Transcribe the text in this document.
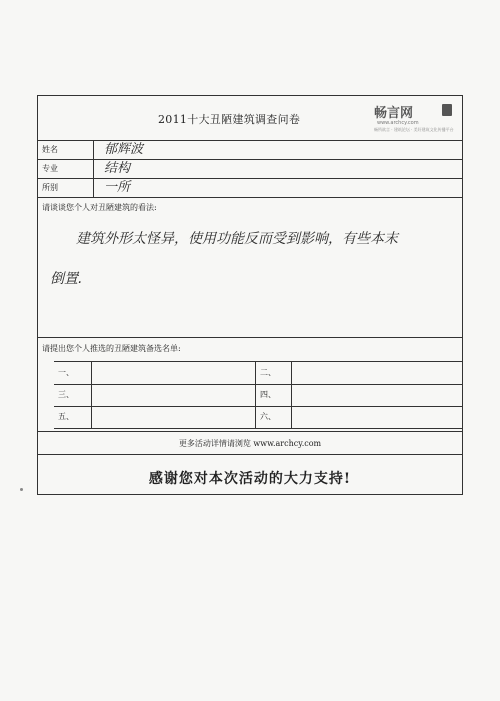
2011十大丑陋建筑调查问卷	畅言网
www.archcy.com
畅所欲言 · 建筑论坛 · 美好建筑文化传播平台
姓名	郁辉波
专业	结构
所别	一所
请谈谈您个人对丑陋建筑的看法:
建筑外形太怪异，使用功能反而受到影响，有些本末
倒置.
请提出您个人推选的丑陋建筑备选名单:
一、	二、
三、	四、
五、	六、
更多活动详情请浏览 www.archcy.com
感谢您对本次活动的大力支持!
